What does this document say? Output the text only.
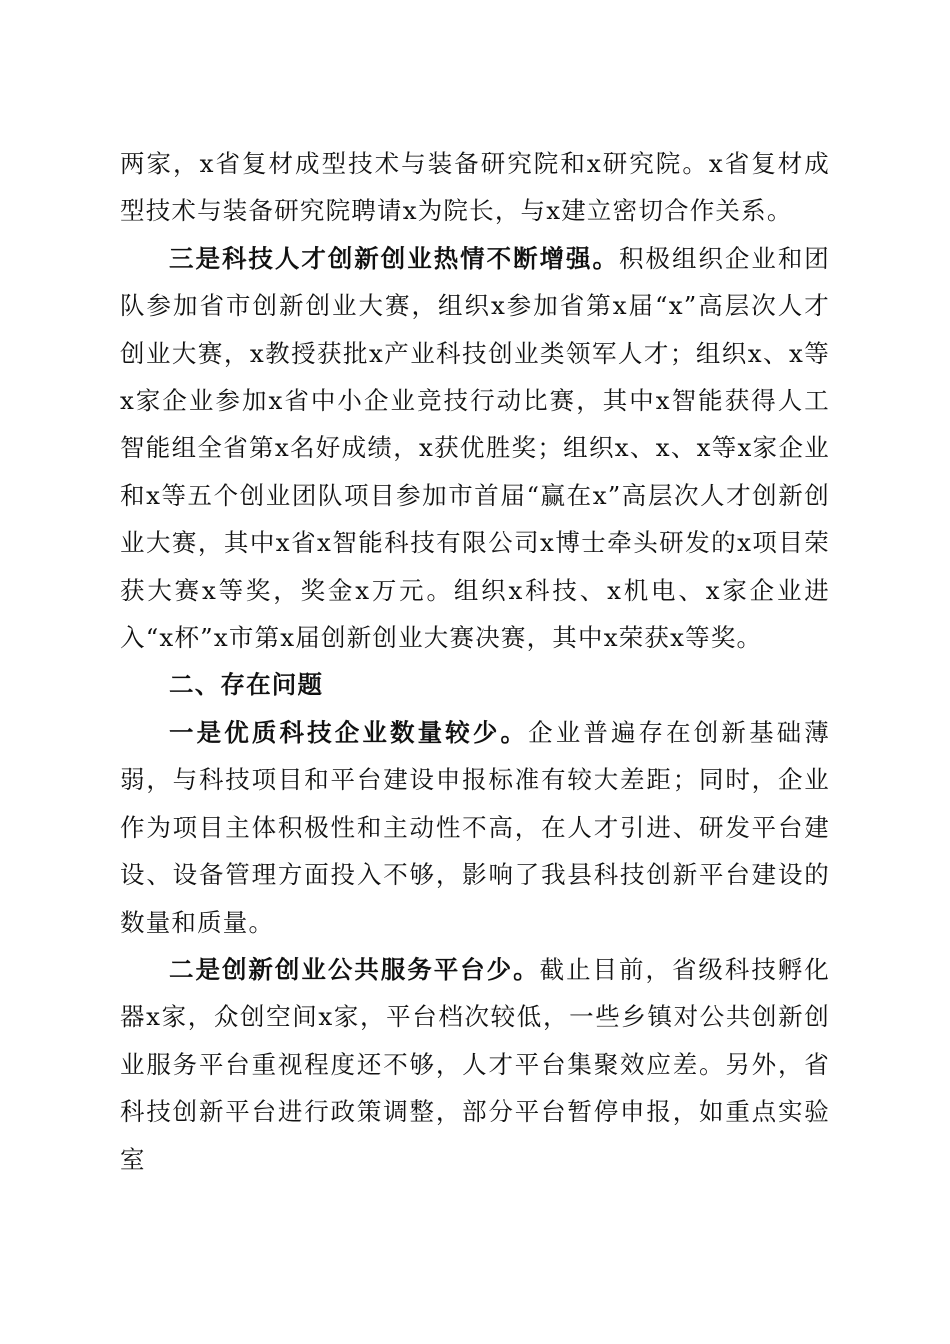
两家，x省复材成型技术与装备研究院和x研究院。x省复材成型技术与装备研究院聘请x为院长，与x建立密切合作关系。

三是科技人才创新创业热情不断增强。积极组织企业和团队参加省市创新创业大赛，组织x参加省第x届“x”高层次人才创业大赛，x教授获批x产业科技创业类领军人才；组织x、x等x家企业参加x省中小企业竞技行动比赛，其中x智能获得人工智能组全省第x名好成绩，x获优胜奖；组织x、x、x等x家企业和x等五个创业团队项目参加市首届“赢在x”高层次人才创新创业大赛，其中x省x智能科技有限公司x博士牵头研发的x项目荣获大赛x等奖，奖金x万元。组织x科技、x机电、x家企业进入“x杯”x市第x届创新创业大赛决赛，其中x荣获x等奖。

二、存在问题

一是优质科技企业数量较少。企业普遍存在创新基础薄弱，与科技项目和平台建设申报标准有较大差距；同时，企业作为项目主体积极性和主动性不高，在人才引进、研发平台建设、设备管理方面投入不够，影响了我县科技创新平台建设的数量和质量。

二是创新创业公共服务平台少。截止目前，省级科技孵化器x家，众创空间x家，平台档次较低，一些乡镇对公共创新创业服务平台重视程度还不够，人才平台集聚效应差。另外，省科技创新平台进行政策调整，部分平台暂停申报，如重点实验室
